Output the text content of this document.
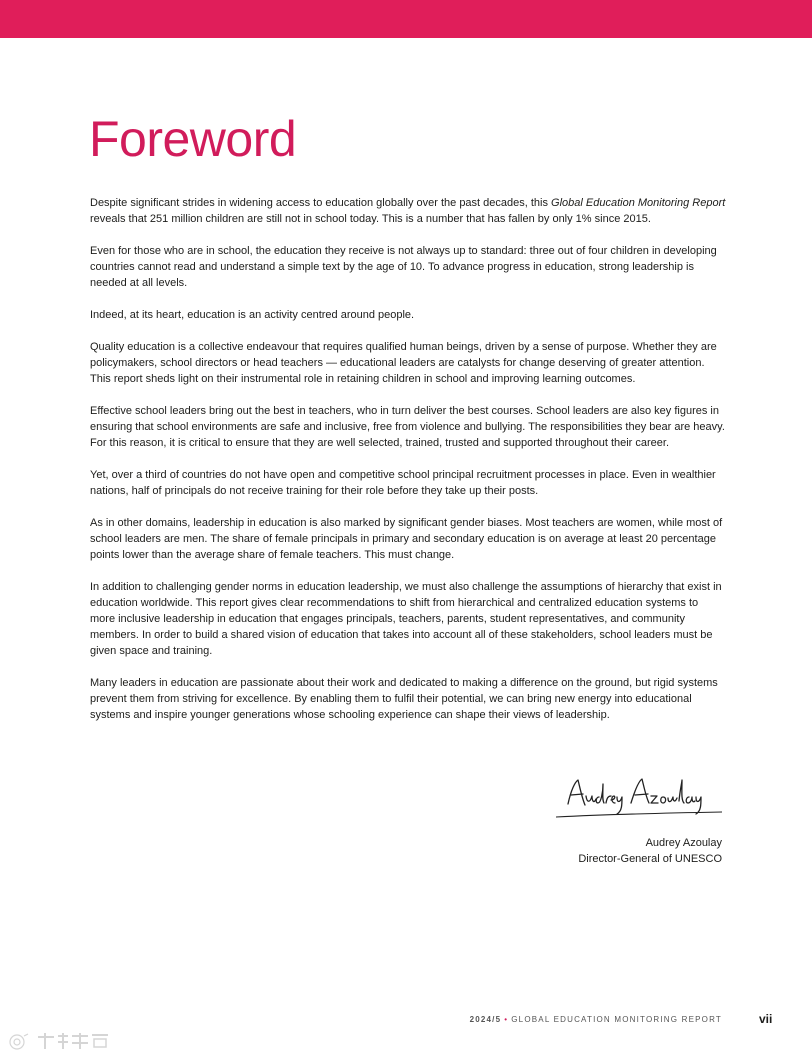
Foreword

Despite significant strides in widening access to education globally over the past decades, this Global Education Monitoring Report reveals that 251 million children are still not in school today. This is a number that has fallen by only 1% since 2015.

Even for those who are in school, the education they receive is not always up to standard: three out of four children in developing countries cannot read and understand a simple text by the age of 10. To advance progress in education, strong leadership is needed at all levels.

Indeed, at its heart, education is an activity centred around people.

Quality education is a collective endeavour that requires qualified human beings, driven by a sense of purpose. Whether they are policymakers, school directors or head teachers — educational leaders are catalysts for change deserving of greater attention. This report sheds light on their instrumental role in retaining children in school and improving learning outcomes.

Effective school leaders bring out the best in teachers, who in turn deliver the best courses. School leaders are also key figures in ensuring that school environments are safe and inclusive, free from violence and bullying. The responsibilities they bear are heavy. For this reason, it is critical to ensure that they are well selected, trained, trusted and supported throughout their career.

Yet, over a third of countries do not have open and competitive school principal recruitment processes in place. Even in wealthier nations, half of principals do not receive training for their role before they take up their posts.

As in other domains, leadership in education is also marked by significant gender biases. Most teachers are women, while most of school leaders are men. The share of female principals in primary and secondary education is on average at least 20 percentage points lower than the average share of female teachers. This must change.

In addition to challenging gender norms in education leadership, we must also challenge the assumptions of hierarchy that exist in education worldwide. This report gives clear recommendations to shift from hierarchical and centralized education systems to more inclusive leadership in education that engages principals, teachers, parents, student representatives, and community members. In order to build a shared vision of education that takes into account all of these stakeholders, school leaders must be given space and training.

Many leaders in education are passionate about their work and dedicated to making a difference on the ground, but rigid systems prevent them from striving for excellence. By enabling them to fulfil their potential, we can bring new energy into educational systems and inspire younger generations whose schooling experience can shape their views of leadership.

Audrey Azoulay
Director-General of UNESCO
2024/5 • GLOBAL EDUCATION MONITORING REPORT	vii
